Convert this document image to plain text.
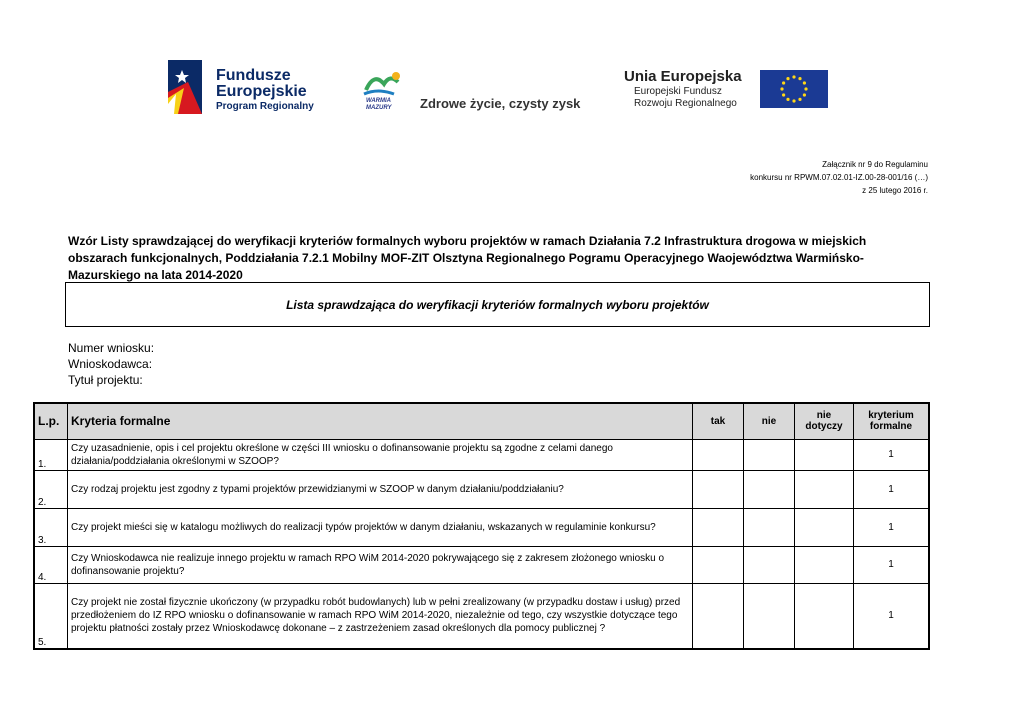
Fundusze
Europejskie
Program Regionalny	WARMIA
MAZURY Zdrowe życie, czysty zysk
Unia Europejska
Europejski Fundusz
Rozwoju Regionalnego
Załącznik nr 9 do Regulaminu
konkursu nr RPWM.07.02.01-IZ.00-28-001/16 (…)
z 25 lutego 2016 r.
Wzór Listy sprawdzającej do weryfikacji kryteriów formalnych wyboru projektów w ramach Działania 7.2 Infrastruktura drogowa w miejskich obszarach funkcjonalnych, Poddziałania 7.2.1 Mobilny MOF-ZIT Olsztyna Regionalnego Pogramu Operacyjnego Waojewództwa Warmińsko-Mazurskiego na lata 2014-2020
Lista sprawdzająca do weryfikacji kryteriów formalnych wyboru projektów
Numer wniosku:
Wnioskodawca:
Tytuł projektu:
L.p.	Kryteria formalne	tak	nie	nie dotyczy	kryterium formalne
1.	Czy uzasadnienie, opis i cel projektu określone w części III wniosku o dofinansowanie projektu są zgodne z celami danego działania/poddziałania określonymi w SZOOP?				1
2.	Czy rodzaj projektu jest zgodny z typami projektów przewidzianymi w SZOOP w danym działaniu/poddziałaniu?				1
3.	Czy projekt mieści się w katalogu możliwych do realizacji typów projektów w danym działaniu, wskazanych w regulaminie konkursu?				1
4.	Czy Wnioskodawca nie realizuje innego projektu w ramach RPO WiM 2014-2020 pokrywającego się z zakresem złożonego wniosku o dofinansowanie projektu?				1
5.	Czy projekt nie został fizycznie ukończony (w przypadku robót budowlanych) lub w pełni zrealizowany (w przypadku dostaw i usług) przed przedłożeniem do IZ RPO wniosku o dofinansowanie w ramach RPO WiM 2014-2020, niezależnie od tego, czy wszystkie dotyczące tego projektu płatności zostały przez Wnioskodawcę dokonane – z zastrzeżeniem zasad określonych dla pomocy publicznej ?				1
